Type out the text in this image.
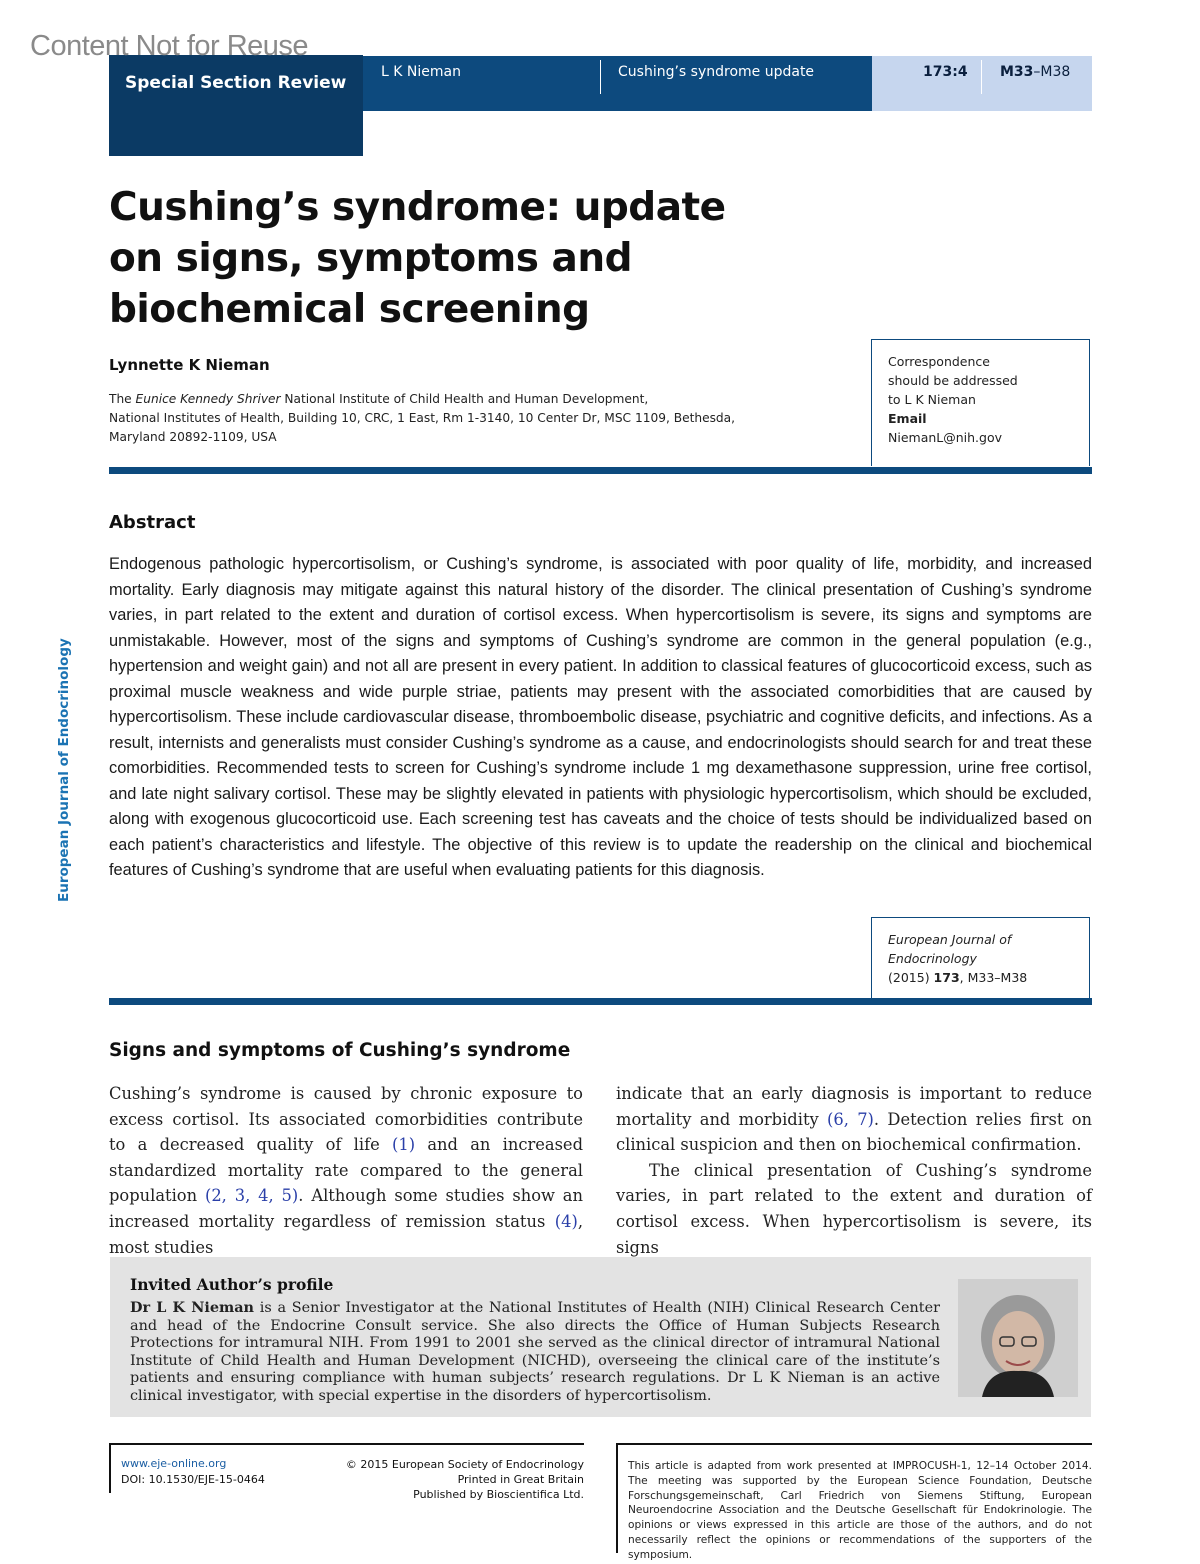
Content Not for Reuse
Special Section Review
L K Nieman	Cushing’s syndrome update	173:4 M33–M38
Cushing’s syndrome: update
on signs, symptoms and
biochemical screening
Lynnette K Nieman
The Eunice Kennedy Shriver National Institute of Child Health and Human Development,
National Institutes of Health, Building 10, CRC, 1 East, Rm 1-3140, 10 Center Dr, MSC 1109, Bethesda,
Maryland 20892-1109, USA
Correspondence
should be addressed
to L K Nieman
Email
NiemanL@nih.gov
Abstract
Endogenous pathologic hypercortisolism, or Cushing’s syndrome, is associated with poor quality of life, morbidity, and increased mortality. Early diagnosis may mitigate against this natural history of the disorder. The clinical presentation of Cushing’s syndrome varies, in part related to the extent and duration of cortisol excess. When hypercortisolism is severe, its signs and symptoms are unmistakable. However, most of the signs and symptoms of Cushing’s syndrome are common in the general population (e.g., hypertension and weight gain) and not all are present in every patient. In addition to classical features of glucocorticoid excess, such as proximal muscle weakness and wide purple striae, patients may present with the associated comorbidities that are caused by hypercortisolism. These include cardiovascular disease, thromboembolic disease, psychiatric and cognitive deficits, and infections. As a result, internists and generalists must consider Cushing’s syndrome as a cause, and endocrinologists should search for and treat these comorbidities. Recommended tests to screen for Cushing’s syndrome include 1 mg dexamethasone suppression, urine free cortisol, and late night salivary cortisol. These may be slightly elevated in patients with physiologic hypercortisolism, which should be excluded, along with exogenous glucocorticoid use. Each screening test has caveats and the choice of tests should be individualized based on each patient’s characteristics and lifestyle. The objective of this review is to update the readership on the clinical and biochemical features of Cushing’s syndrome that are useful when evaluating patients for this diagnosis.
European Journal of Endocrinology
European Journal of
Endocrinology
(2015) 173, M33–M38
Signs and symptoms of Cushing’s syndrome
Cushing’s syndrome is caused by chronic exposure to excess cortisol. Its associated comorbidities contribute to a decreased quality of life (1) and an increased standardized mortality rate compared to the general population (2, 3, 4, 5). Although some studies show an increased mortality regardless of remission status (4), most studies
indicate that an early diagnosis is important to reduce mortality and morbidity (6, 7). Detection relies first on clinical suspicion and then on biochemical confirmation.
The clinical presentation of Cushing’s syndrome varies, in part related to the extent and duration of cortisol excess. When hypercortisolism is severe, its signs
Invited Author’s profile
Dr L K Nieman is a Senior Investigator at the National Institutes of Health (NIH) Clinical Research Center and head of the Endocrine Consult service. She also directs the Office of Human Subjects Research Protections for intramural NIH. From 1991 to 2001 she served as the clinical director of intramural National Institute of Child Health and Human Development (NICHD), overseeing the clinical care of the institute’s patients and ensuring compliance with human subjects’ research regulations. Dr L K Nieman is an active clinical investigator, with special expertise in the disorders of hypercortisolism.
www.eje-online.org
DOI: 10.1530/EJE-15-0464
© 2015 European Society of Endocrinology
Printed in Great Britain
Published by Bioscientifica Ltd.
This article is adapted from work presented at IMPROCUSH-1, 12–14 October 2014. The meeting was supported by the European Science Foundation, Deutsche Forschungsgemeinschaft, Carl Friedrich von Siemens Stiftung, European Neuroendocrine Association and the Deutsche Gesellschaft für Endokrinologie. The opinions or views expressed in this article are those of the authors, and do not necessarily reflect the opinions or recommendations of the supporters of the symposium.
